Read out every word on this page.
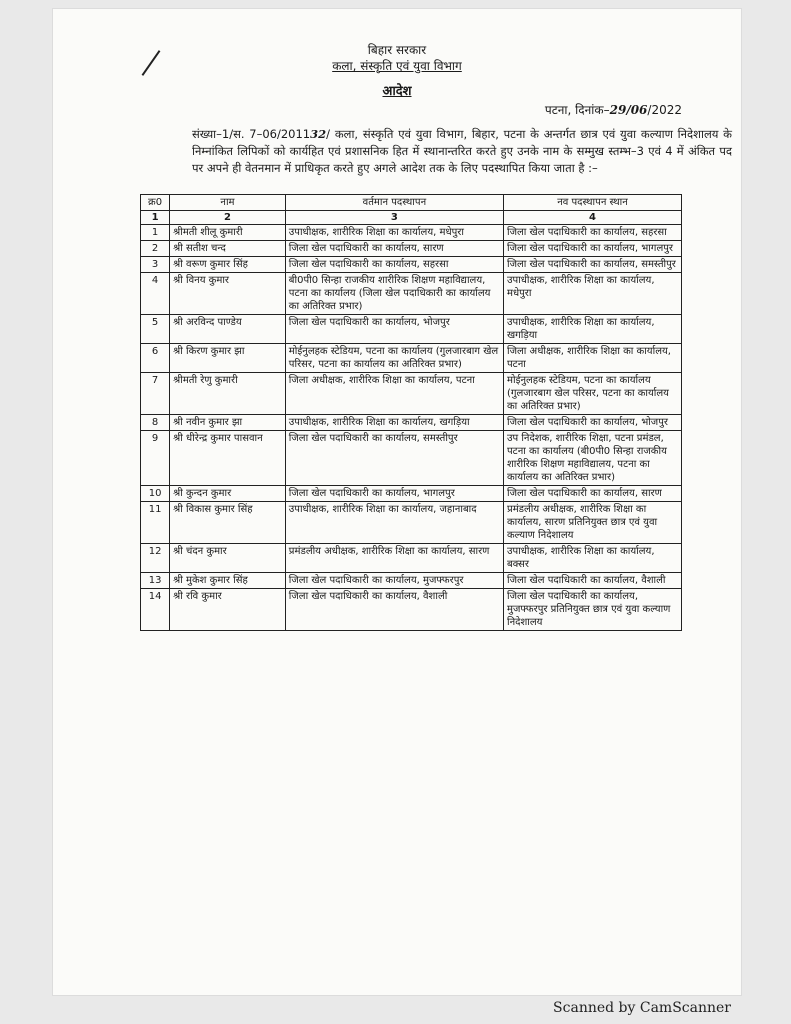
बिहार सरकार
कला, संस्कृति एवं युवा विभाग
आदेश
पटना, दिनांक–29/06/2022
संख्या–1/स. 7–06/201132/ कला, संस्कृति एवं युवा विभाग, बिहार, पटना के अन्तर्गत छात्र एवं युवा कल्याण निदेशालय के निम्नांकित लिपिकों को कार्यहित एवं प्रशासनिक हित में स्थानान्तरित करते हुए उनके नाम के सम्मुख स्तम्भ–3 एवं 4 में अंकित पद पर अपने ही वेतनमान में प्राधिकृत करते हुए अगले आदेश तक के लिए पदस्थापित किया जाता है :–
क्र0	नाम	वर्तमान पदस्थापन	नव पदस्थापन स्थान
1	2	3	4
1	श्रीमती शीलू कुमारी	उपाधीक्षक, शारीरिक शिक्षा का कार्यालय, मधेपुरा	जिला खेल पदाधिकारी का कार्यालय, सहरसा
2	श्री सतीश चन्द	जिला खेल पदाधिकारी का कार्यालय, सारण	जिला खेल पदाधिकारी का कार्यालय, भागलपुर
3	श्री वरूण कुमार सिंह	जिला खेल पदाधिकारी का कार्यालय, सहरसा	जिला खेल पदाधिकारी का कार्यालय, समस्तीपुर
4	श्री विनय कुमार	बी0पी0 सिन्हा राजकीय शारीरिक शिक्षण महाविद्यालय, पटना का कार्यालय (जिला खेल पदाधिकारी का कार्यालय का अतिरिक्त प्रभार)	उपाधीक्षक, शारीरिक शिक्षा का कार्यालय, मधेपुरा
5	श्री अरविन्द पाण्डेय	जिला खेल पदाधिकारी का कार्यालय, भोजपुर	उपाधीक्षक, शारीरिक शिक्षा का कार्यालय, खगड़िया
6	श्री किरण कुमार झा	मोईनुलहक स्टेडियम, पटना का कार्यालय (गुलजारबाग खेल परिसर, पटना का कार्यालय का अतिरिक्त प्रभार)	जिला अधीक्षक, शारीरिक शिक्षा का कार्यालय, पटना
7	श्रीमती रेणु कुमारी	जिला अधीक्षक, शारीरिक शिक्षा का कार्यालय, पटना	मोईनुलहक स्टेडियम, पटना का कार्यालय (गुलजारबाग खेल परिसर, पटना का कार्यालय का अतिरिक्त प्रभार)
8	श्री नवीन कुमार झा	उपाधीक्षक, शारीरिक शिक्षा का कार्यालय, खगड़िया	जिला खेल पदाधिकारी का कार्यालय, भोजपुर
9	श्री धीरेन्द्र कुमार पासवान	जिला खेल पदाधिकारी का कार्यालय, समस्तीपुर	उप निदेशक, शारीरिक शिक्षा, पटना प्रमंडल, पटना का कार्यालय (बी0पी0 सिन्हा राजकीय शारीरिक शिक्षण महाविद्यालय, पटना का कार्यालय का अतिरिक्त प्रभार)
10	श्री कुन्दन कुमार	जिला खेल पदाधिकारी का कार्यालय, भागलपुर	जिला खेल पदाधिकारी का कार्यालय, सारण
11	श्री विकास कुमार सिंह	उपाधीक्षक, शारीरिक शिक्षा का कार्यालय, जहानाबाद	प्रमंडलीय अधीक्षक, शारीरिक शिक्षा का कार्यालय, सारण प्रतिनियुक्त छात्र एवं युवा कल्याण निदेशालय
12	श्री चंदन कुमार	प्रमंडलीय अधीक्षक, शारीरिक शिक्षा का कार्यालय, सारण	उपाधीक्षक, शारीरिक शिक्षा का कार्यालय, बक्सर
13	श्री मुकेश कुमार सिंह	जिला खेल पदाधिकारी का कार्यालय, मुजफ्फरपुर	जिला खेल पदाधिकारी का कार्यालय, वैशाली
14	श्री रवि कुमार	जिला खेल पदाधिकारी का कार्यालय, वैशाली	जिला खेल पदाधिकारी का कार्यालय, मुजफ्फरपुर प्रतिनियुक्त छात्र एवं युवा कल्याण निदेशालय
Scanned by CamScanner
